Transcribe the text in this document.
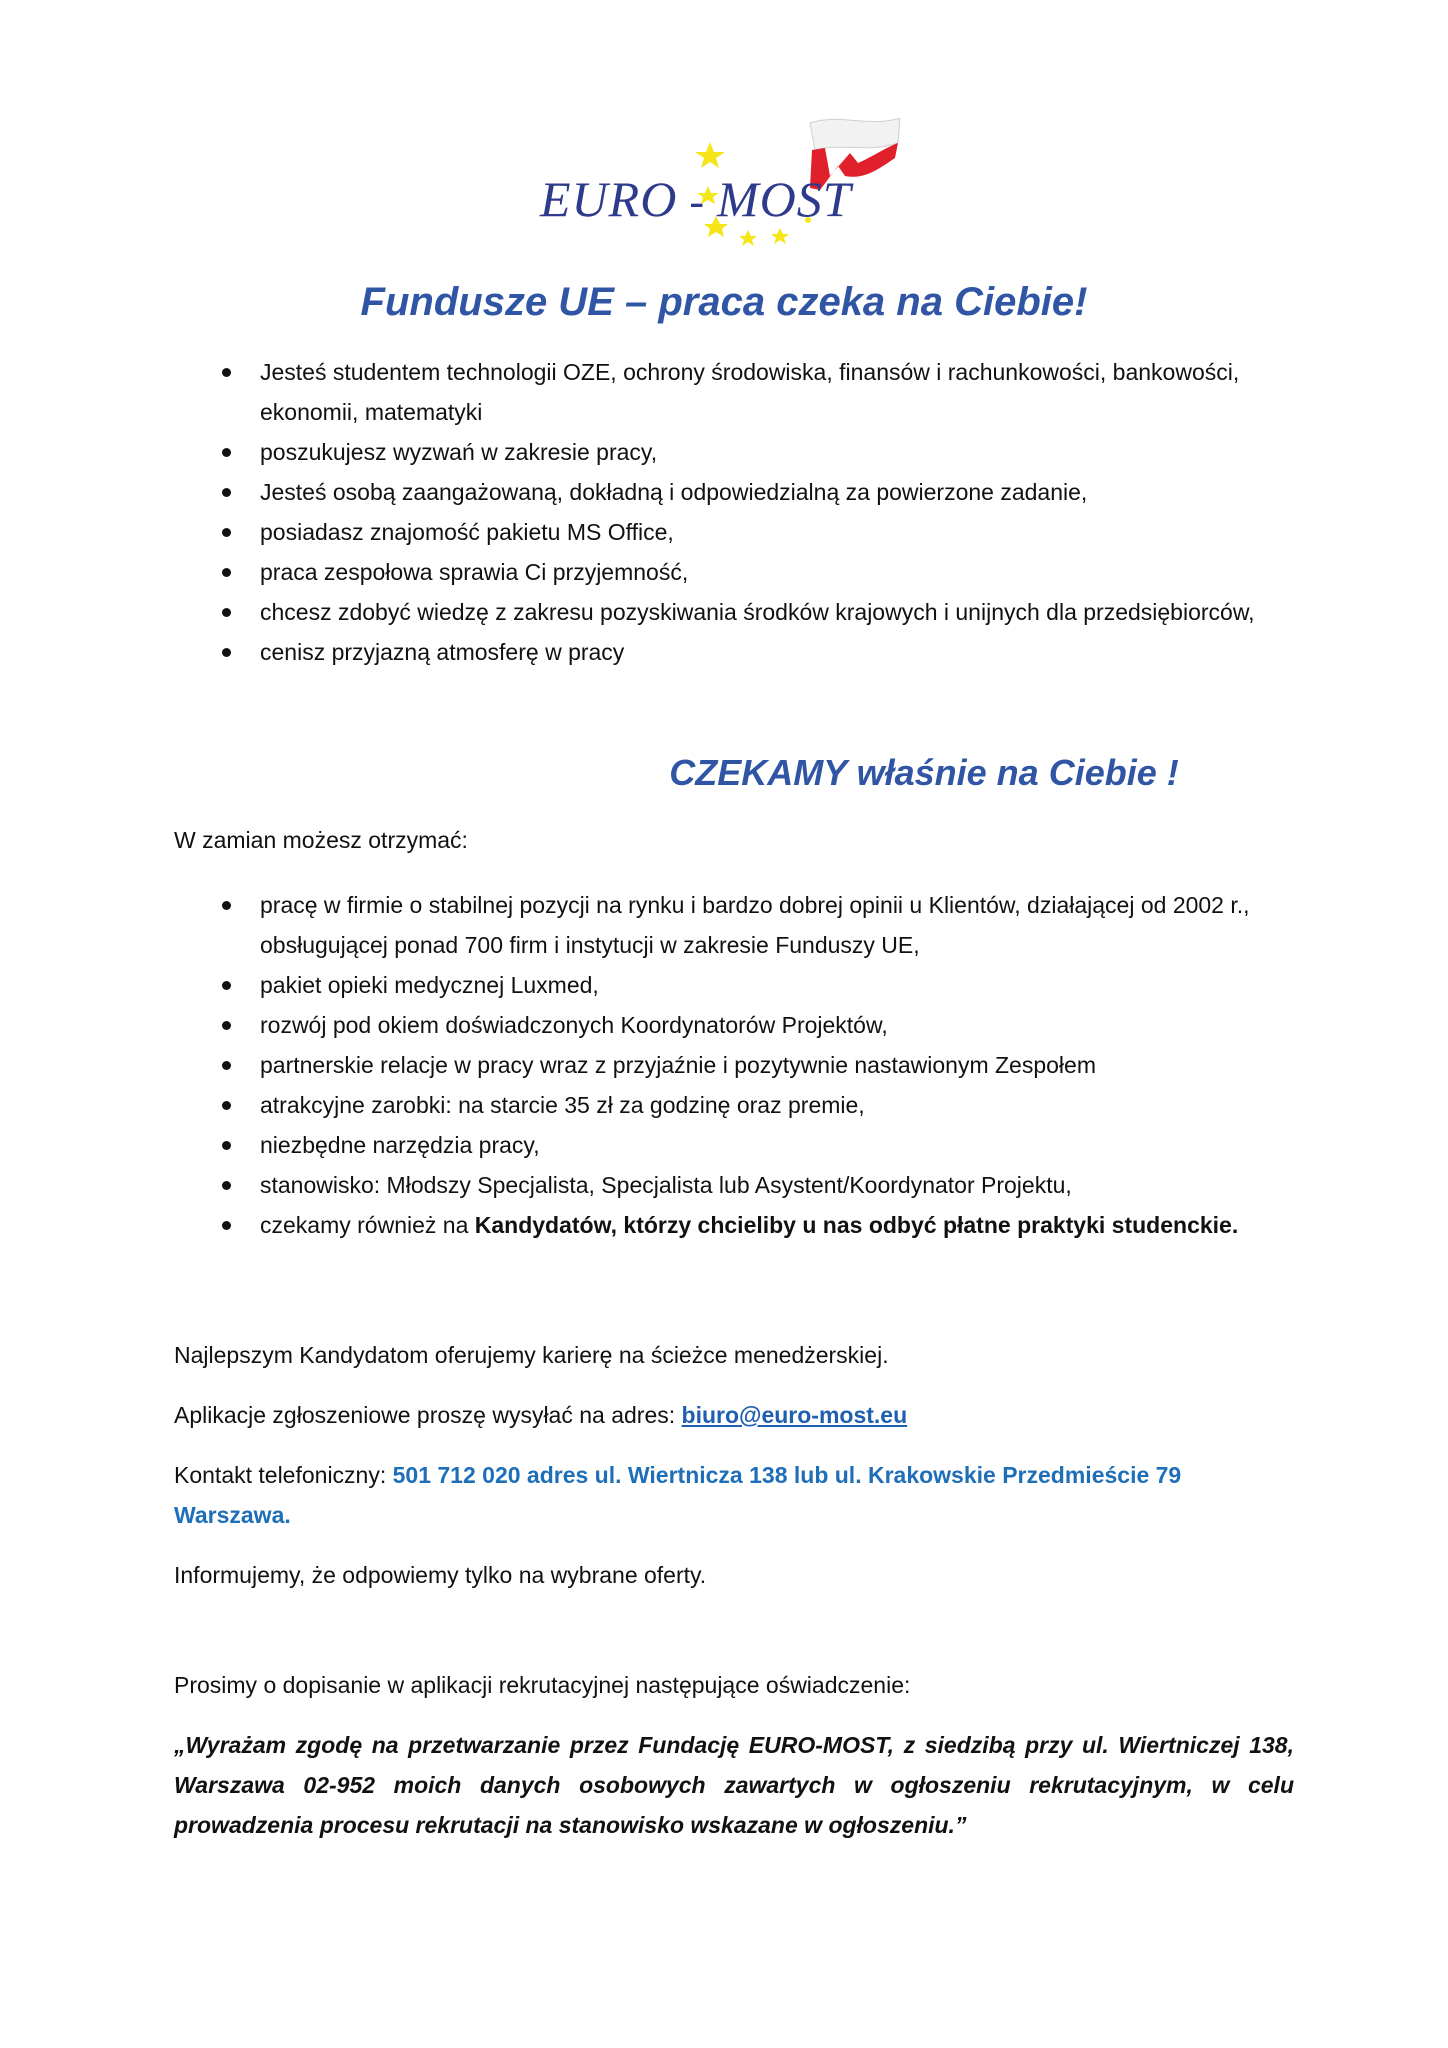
EURO - MOST
Fundusze UE – praca czeka na Ciebie!
Jesteś studentem technologii OZE, ochrony środowiska, finansów i rachunkowości, bankowości, ekonomii, matematyki
poszukujesz wyzwań w zakresie pracy,
Jesteś osobą zaangażowaną, dokładną i odpowiedzialną za powierzone zadanie,
posiadasz znajomość pakietu MS Office,
praca zespołowa sprawia Ci przyjemność,
chcesz zdobyć wiedzę z zakresu pozyskiwania środków krajowych i unijnych dla przedsiębiorców,
cenisz przyjazną atmosferę w pracy
CZEKAMY właśnie na Ciebie !
W zamian możesz otrzymać:
pracę w firmie o stabilnej pozycji na rynku i bardzo dobrej opinii u Klientów, działającej od 2002 r., obsługującej ponad 700 firm i instytucji w zakresie Funduszy UE,
pakiet opieki medycznej Luxmed,
rozwój pod okiem doświadczonych Koordynatorów Projektów,
partnerskie relacje w pracy wraz z przyjaźnie i pozytywnie nastawionym Zespołem
atrakcyjne zarobki: na starcie 35 zł za godzinę oraz premie,
niezbędne narzędzia pracy,
stanowisko: Młodszy Specjalista, Specjalista lub Asystent/Koordynator Projektu,
czekamy również na Kandydatów, którzy chcieliby u nas odbyć płatne praktyki studenckie.
Najlepszym Kandydatom oferujemy karierę na ścieżce menedżerskiej.
Aplikacje zgłoszeniowe proszę wysyłać na adres: biuro@euro-most.eu
Kontakt telefoniczny: 501 712 020 adres ul. Wiertnicza 138 lub ul. Krakowskie Przedmieście 79 Warszawa.
Informujemy, że odpowiemy tylko na wybrane oferty.
Prosimy o dopisanie w aplikacji rekrutacyjnej następujące oświadczenie:
„Wyrażam zgodę na przetwarzanie przez Fundację EURO-MOST, z siedzibą przy ul. Wiertniczej 138, Warszawa 02-952 moich danych osobowych zawartych w ogłoszeniu rekrutacyjnym, w celu prowadzenia procesu rekrutacji na stanowisko wskazane w ogłoszeniu.”
